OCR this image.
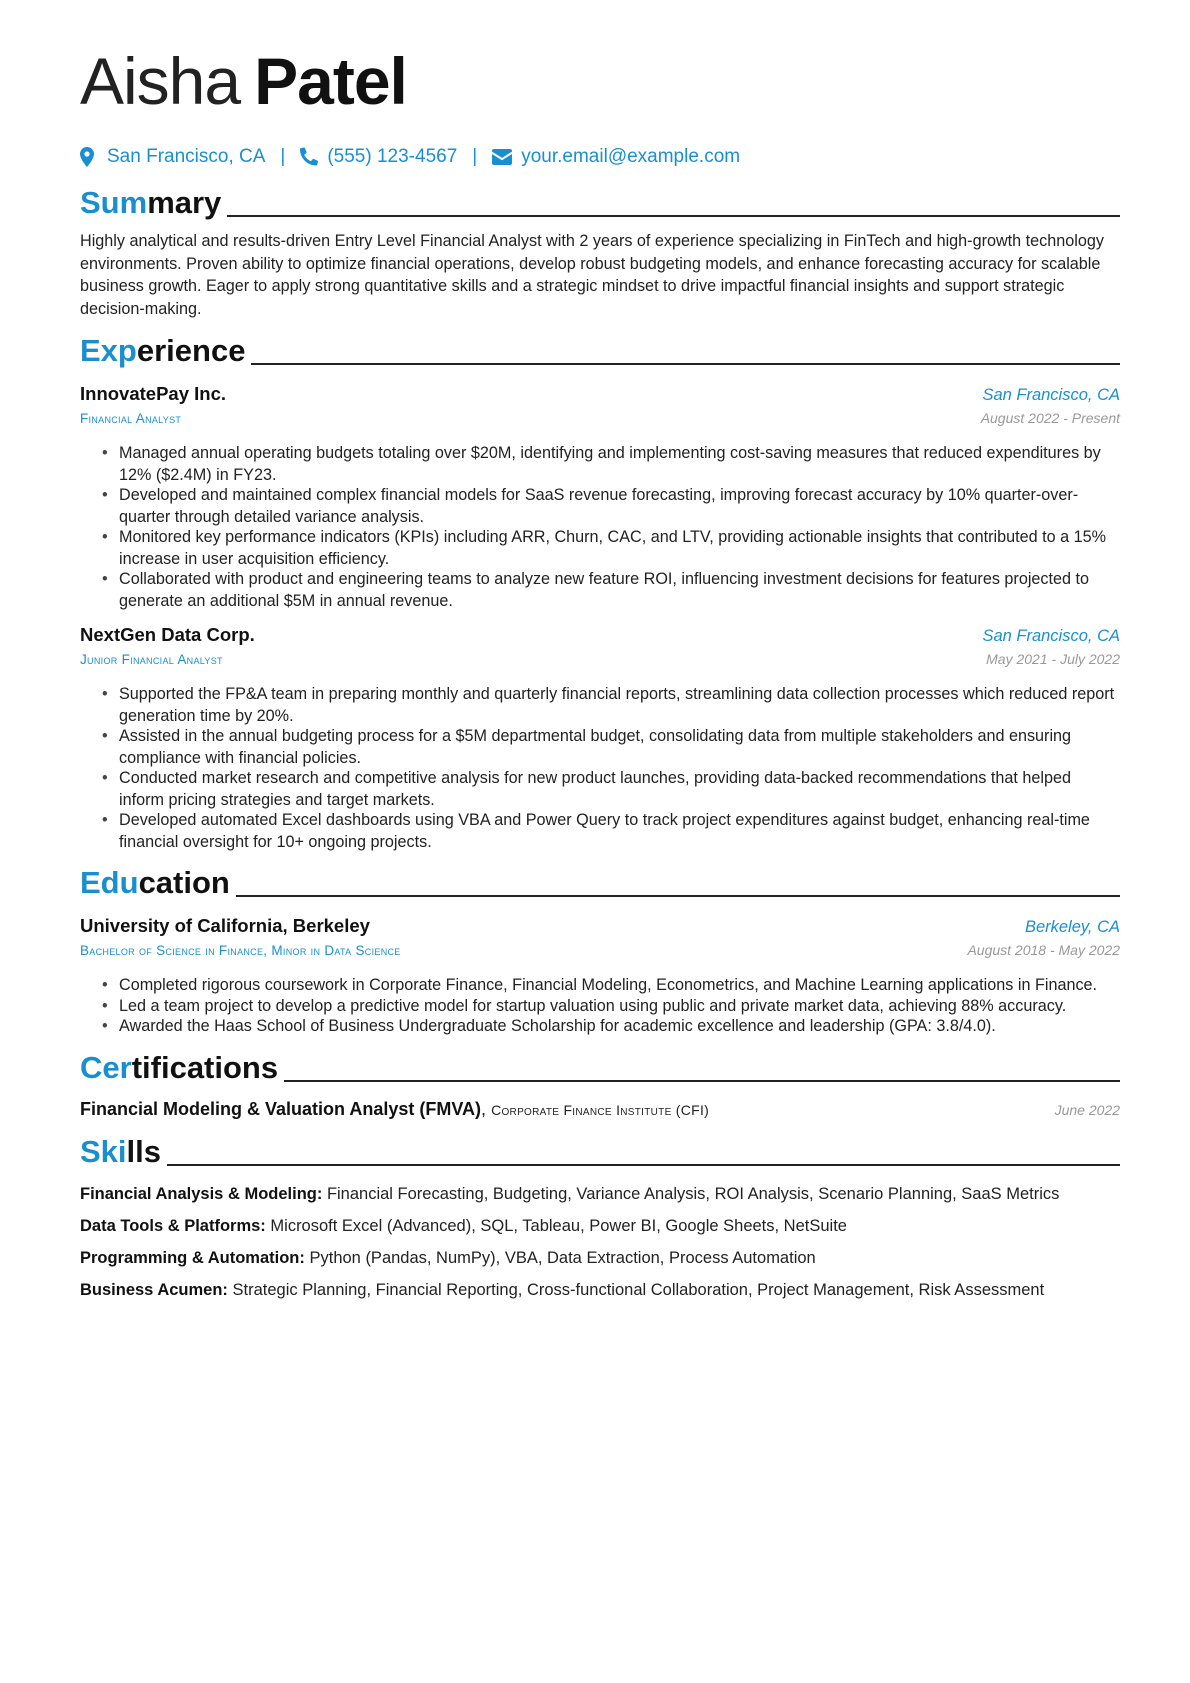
Aisha Patel
San Francisco, CA | (555) 123-4567 | your.email@example.com
Summary
Highly analytical and results-driven Entry Level Financial Analyst with 2 years of experience specializing in FinTech and high-growth technology environments. Proven ability to optimize financial operations, develop robust budgeting models, and enhance forecasting accuracy for scalable business growth. Eager to apply strong quantitative skills and a strategic mindset to drive impactful financial insights and support strategic decision-making.
Experience
InnovatePay Inc.	San Francisco, CA
Financial Analyst	August 2022 - Present
• Managed annual operating budgets totaling over $20M, identifying and implementing cost-saving measures that reduced expenditures by 12% ($2.4M) in FY23.
• Developed and maintained complex financial models for SaaS revenue forecasting, improving forecast accuracy by 10% quarter-over-quarter through detailed variance analysis.
• Monitored key performance indicators (KPIs) including ARR, Churn, CAC, and LTV, providing actionable insights that contributed to a 15% increase in user acquisition efficiency.
• Collaborated with product and engineering teams to analyze new feature ROI, influencing investment decisions for features projected to generate an additional $5M in annual revenue.
NextGen Data Corp.	San Francisco, CA
Junior Financial Analyst	May 2021 - July 2022
• Supported the FP&A team in preparing monthly and quarterly financial reports, streamlining data collection processes which reduced report generation time by 20%.
• Assisted in the annual budgeting process for a $5M departmental budget, consolidating data from multiple stakeholders and ensuring compliance with financial policies.
• Conducted market research and competitive analysis for new product launches, providing data-backed recommendations that helped inform pricing strategies and target markets.
• Developed automated Excel dashboards using VBA and Power Query to track project expenditures against budget, enhancing real-time financial oversight for 10+ ongoing projects.
Education
University of California, Berkeley	Berkeley, CA
Bachelor of Science in Finance, Minor in Data Science	August 2018 - May 2022
• Completed rigorous coursework in Corporate Finance, Financial Modeling, Econometrics, and Machine Learning applications in Finance.
• Led a team project to develop a predictive model for startup valuation using public and private market data, achieving 88% accuracy.
• Awarded the Haas School of Business Undergraduate Scholarship for academic excellence and leadership (GPA: 3.8/4.0).
Certifications
Financial Modeling & Valuation Analyst (FMVA), Corporate Finance Institute (CFI)	June 2022
Skills
Financial Analysis & Modeling: Financial Forecasting, Budgeting, Variance Analysis, ROI Analysis, Scenario Planning, SaaS Metrics
Data Tools & Platforms: Microsoft Excel (Advanced), SQL, Tableau, Power BI, Google Sheets, NetSuite
Programming & Automation: Python (Pandas, NumPy), VBA, Data Extraction, Process Automation
Business Acumen: Strategic Planning, Financial Reporting, Cross-functional Collaboration, Project Management, Risk Assessment
